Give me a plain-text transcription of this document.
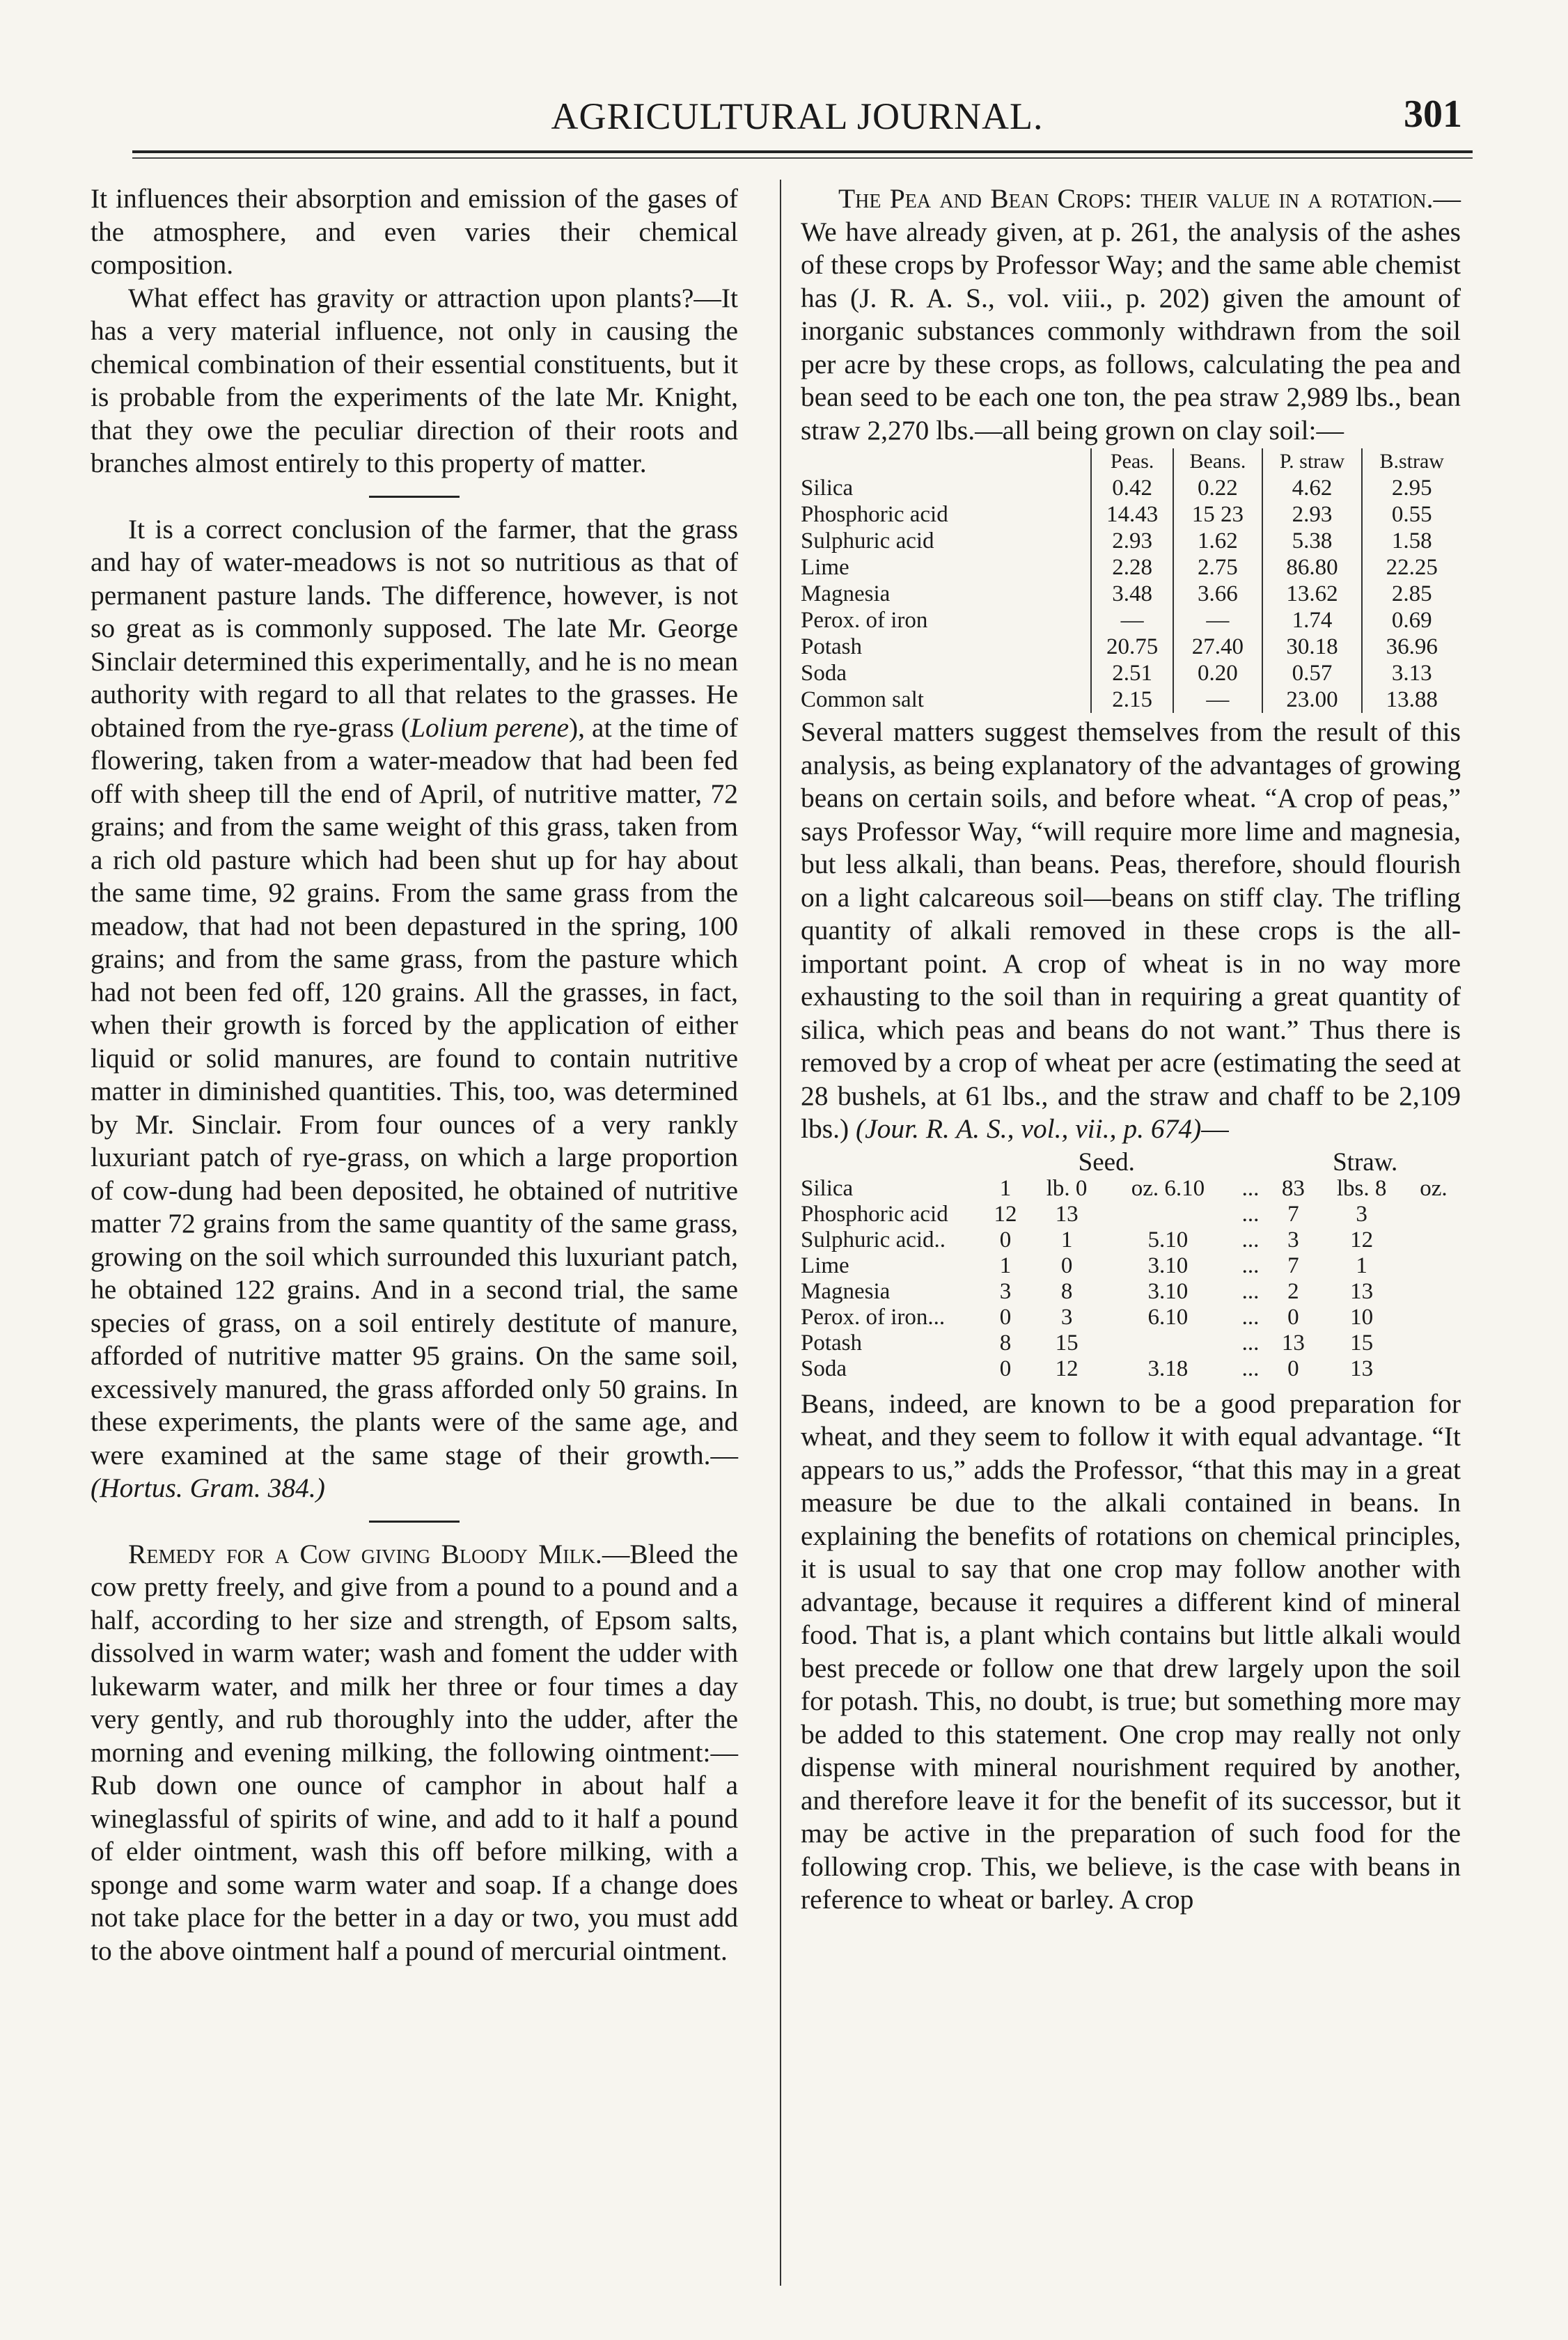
AGRICULTURAL JOURNAL.	301

It influences their absorption and emission of the gases of the atmosphere, and even varies their chemical composition.

What effect has gravity or attraction upon plants?—It has a very material influence, not only in causing the chemical combination of their essential constituents, but it is probable from the experiments of the late Mr. Knight, that they owe the peculiar direction of their roots and branches almost entirely to this property of matter.

It is a correct conclusion of the farmer, that the grass and hay of water-meadows is not so nutritious as that of permanent pasture lands. The difference, however, is not so great as is commonly supposed. The late Mr. George Sinclair determined this experimentally, and he is no mean authority with regard to all that relates to the grasses. He obtained from the rye-grass (Lolium perene), at the time of flowering, taken from a water-meadow that had been fed off with sheep till the end of April, of nutritive matter, 72 grains; and from the same weight of this grass, taken from a rich old pasture which had been shut up for hay about the same time, 92 grains. From the same grass from the meadow, that had not been depastured in the spring, 100 grains; and from the same grass, from the pasture which had not been fed off, 120 grains. All the grasses, in fact, when their growth is forced by the application of either liquid or solid manures, are found to contain nutritive matter in diminished quantities. This, too, was determined by Mr. Sinclair. From four ounces of a very rankly luxuriant patch of rye-grass, on which a large proportion of cow-dung had been deposited, he obtained of nutritive matter 72 grains from the same quantity of the same grass, growing on the soil which surrounded this luxuriant patch, he obtained 122 grains. And in a second trial, the same species of grass, on a soil entirely destitute of manure, afforded of nutritive matter 95 grains. On the same soil, excessively manured, the grass afforded only 50 grains. In these experiments, the plants were of the same age, and were examined at the same stage of their growth.—(Hortus. Gram. 384.)

Remedy for a Cow giving Bloody Milk.—Bleed the cow pretty freely, and give from a pound to a pound and a half, according to her size and strength, of Epsom salts, dissolved in warm water; wash and foment the udder with lukewarm water, and milk her three or four times a day very gently, and rub thoroughly into the udder, after the morning and evening milking, the following ointment:—Rub down one ounce of camphor in about half a wineglassful of spirits of wine, and add to it half a pound of elder ointment, wash this off before milking, with a sponge and some warm water and soap. If a change does not take place for the better in a day or two, you must add to the above ointment half a pound of mercurial ointment.

The Pea and Bean Crops: their value in a rotation.—We have already given, at p. 261, the analysis of the ashes of these crops by Professor Way; and the same able chemist has (J. R. A. S., vol. viii., p. 202) given the amount of inorganic substances commonly withdrawn from the soil per acre by these crops, as follows, calculating the pea and bean seed to be each one ton, the pea straw 2,989 lbs., bean straw 2,270 lbs.—all being grown on clay soil:—

	Peas.	Beans.	P. straw	B.straw
Silica	0.42	0.22	4.62	2.95
Phosphoric acid	14.43	15 23	2.93	0.55
Sulphuric acid	2.93	1.62	5.38	1.58
Lime	2.28	2.75	86.80	22.25
Magnesia	3.48	3.66	13.62	2.85
Perox. of iron	—	—	1.74	0.69
Potash	20.75	27.40	30.18	36.96
Soda	2.51	0.20	0.57	3.13
Common salt	2.15	—	23.00	13.88

Several matters suggest themselves from the result of this analysis, as being explanatory of the advantages of growing beans on certain soils, and before wheat. “A crop of peas,” says Professor Way, “will require more lime and magnesia, but less alkali, than beans. Peas, therefore, should flourish on a light calcareous soil—beans on stiff clay. The trifling quantity of alkali removed in these crops is the all-important point. A crop of wheat is in no way more exhausting to the soil than in requiring a great quantity of silica, which peas and beans do not want.” Thus there is removed by a crop of wheat per acre (estimating the seed at 28 bushels, at 61 lbs., and the straw and chaff to be 2,109 lbs.) (Jour. R. A. S., vol., vii., p. 674)—

	Seed.				Straw.		
Silica	1	lb. 0	oz. 6.10	...	83	lbs. 8	oz.
Phosphoric acid	12	13		...	7	3	
Sulphuric acid..	0	1	5.10	...	3	12	
Lime	1	0	3.10	...	7	1	
Magnesia	3	8	3.10	...	2	13	
Perox. of iron...	0	3	6.10	...	0	10	
Potash	8	15		...	13	15	
Soda	0	12	3.18	...	0	13	

Beans, indeed, are known to be a good preparation for wheat, and they seem to follow it with equal advantage. “It appears to us,” adds the Professor, “that this may in a great measure be due to the alkali contained in beans. In explaining the benefits of rotations on chemical principles, it is usual to say that one crop may follow another with advantage, because it requires a different kind of mineral food. That is, a plant which contains but little alkali would best precede or follow one that drew largely upon the soil for potash. This, no doubt, is true; but something more may be added to this statement. One crop may really not only dispense with mineral nourishment required by another, and therefore leave it for the benefit of its successor, but it may be active in the preparation of such food for the following crop. This, we believe, is the case with beans in reference to wheat or barley. A crop
